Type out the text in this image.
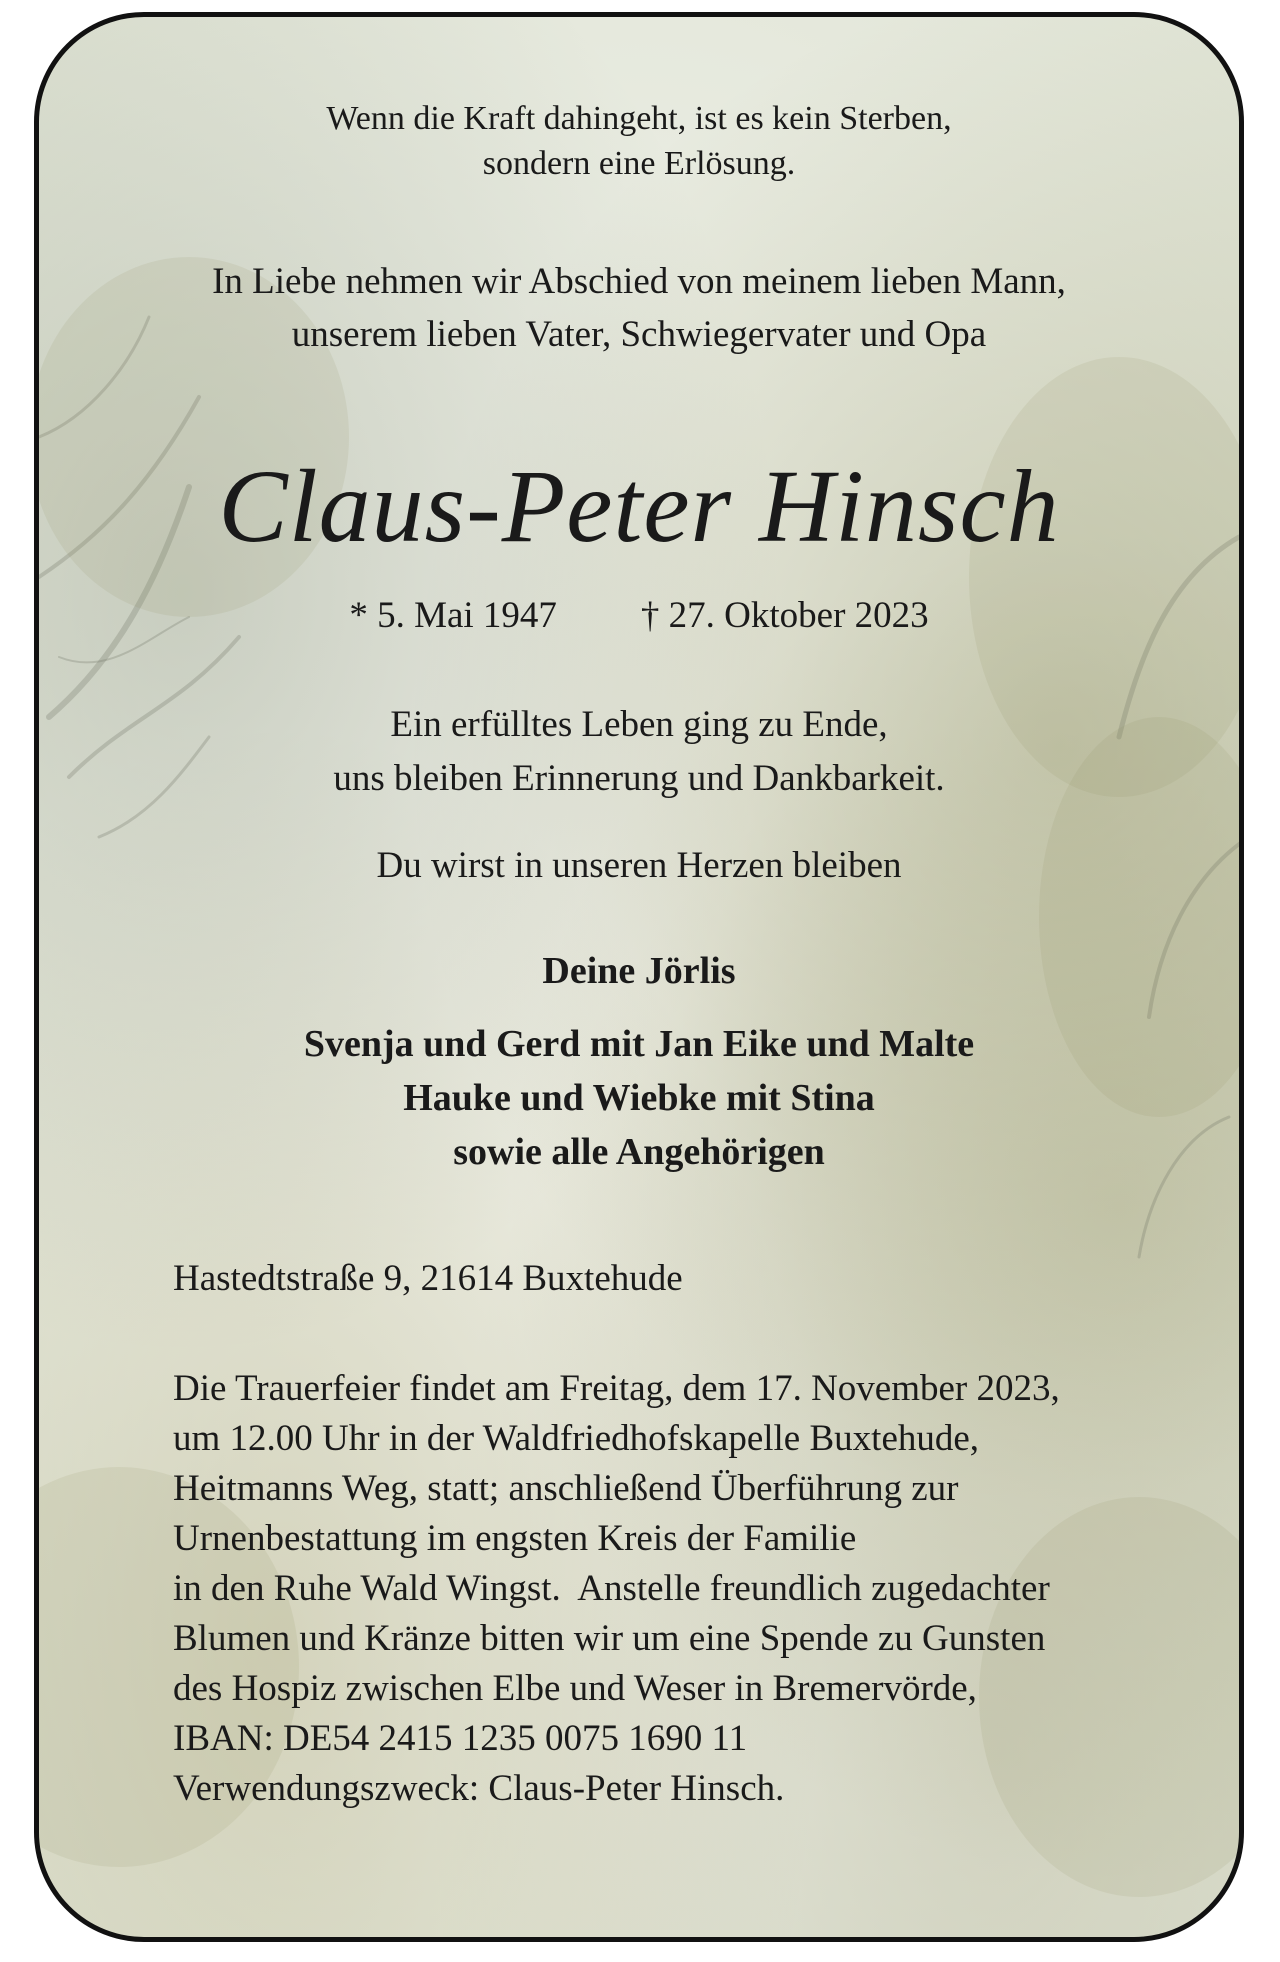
Wenn die Kraft dahingeht, ist es kein Sterben,
sondern eine Erlösung.
In Liebe nehmen wir Abschied von meinem lieben Mann,
unserem lieben Vater, Schwiegervater und Opa
Claus-Peter Hinsch
* 5. Mai 1947 † 27. Oktober 2023
Ein erfülltes Leben ging zu Ende,
uns bleiben Erinnerung und Dankbarkeit.
Du wirst in unseren Herzen bleiben
Deine Jörlis
Svenja und Gerd mit Jan Eike und Malte
Hauke und Wiebke mit Stina
sowie alle Angehörigen
Hastedtstraße 9, 21614 Buxtehude
Die Trauerfeier findet am Freitag, dem 17. November 2023,
um 12.00 Uhr in der Waldfriedhofskapelle Buxtehude,
Heitmanns Weg, statt; anschließend Überführung zur
Urnenbestattung im engsten Kreis der Familie
in den Ruhe Wald Wingst.  Anstelle freundlich zugedachter
Blumen und Kränze bitten wir um eine Spende zu Gunsten
des Hospiz zwischen Elbe und Weser in Bremervörde,
IBAN: DE54 2415 1235 0075 1690 11
Verwendungszweck: Claus-Peter Hinsch.
